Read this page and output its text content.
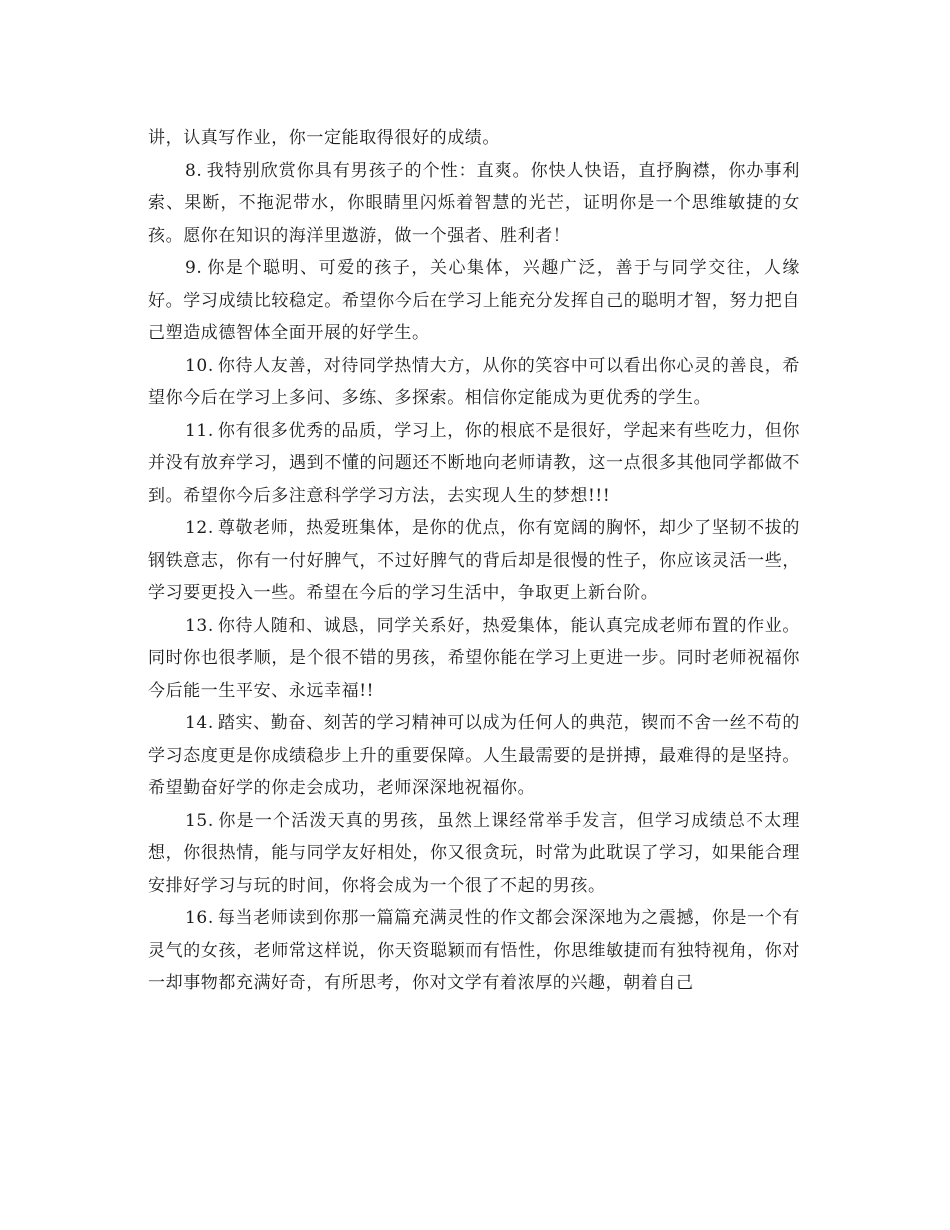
讲，认真写作业，你一定能取得很好的成绩。

8. 我特别欣赏你具有男孩子的个性：直爽。你快人快语，直抒胸襟，你办事利索、果断，不拖泥带水，你眼睛里闪烁着智慧的光芒，证明你是一个思维敏捷的女孩。愿你在知识的海洋里遨游，做一个强者、胜利者！

9. 你是个聪明、可爱的孩子，关心集体，兴趣广泛，善于与同学交往，人缘好。学习成绩比较稳定。希望你今后在学习上能充分发挥自己的聪明才智，努力把自己塑造成德智体全面开展的好学生。

10. 你待人友善，对待同学热情大方，从你的笑容中可以看出你心灵的善良，希望你今后在学习上多问、多练、多探索。相信你定能成为更优秀的学生。

11. 你有很多优秀的品质，学习上，你的根底不是很好，学起来有些吃力，但你并没有放弃学习，遇到不懂的问题还不断地向老师请教，这一点很多其他同学都做不到。希望你今后多注意科学学习方法，去实现人生的梦想!!!

12. 尊敬老师，热爱班集体，是你的优点，你有宽阔的胸怀，却少了坚韧不拔的钢铁意志，你有一付好脾气，不过好脾气的背后却是很慢的性子，你应该灵活一些，学习要更投入一些。希望在今后的学习生活中，争取更上新台阶。

13. 你待人随和、诚恳，同学关系好，热爱集体，能认真完成老师布置的作业。同时你也很孝顺，是个很不错的男孩，希望你能在学习上更进一步。同时老师祝福你今后能一生平安、永远幸福!!

14. 踏实、勤奋、刻苦的学习精神可以成为任何人的典范，锲而不舍一丝不苟的学习态度更是你成绩稳步上升的重要保障。人生最需要的是拼搏，最难得的是坚持。希望勤奋好学的你走会成功，老师深深地祝福你。

15. 你是一个活泼天真的男孩，虽然上课经常举手发言，但学习成绩总不太理想，你很热情，能与同学友好相处，你又很贪玩，时常为此耽误了学习，如果能合理安排好学习与玩的时间，你将会成为一个很了不起的男孩。

16. 每当老师读到你那一篇篇充满灵性的作文都会深深地为之震撼，你是一个有灵气的女孩，老师常这样说，你天资聪颖而有悟性，你思维敏捷而有独特视角，你对一却事物都充满好奇，有所思考，你对文学有着浓厚的兴趣，朝着自己
